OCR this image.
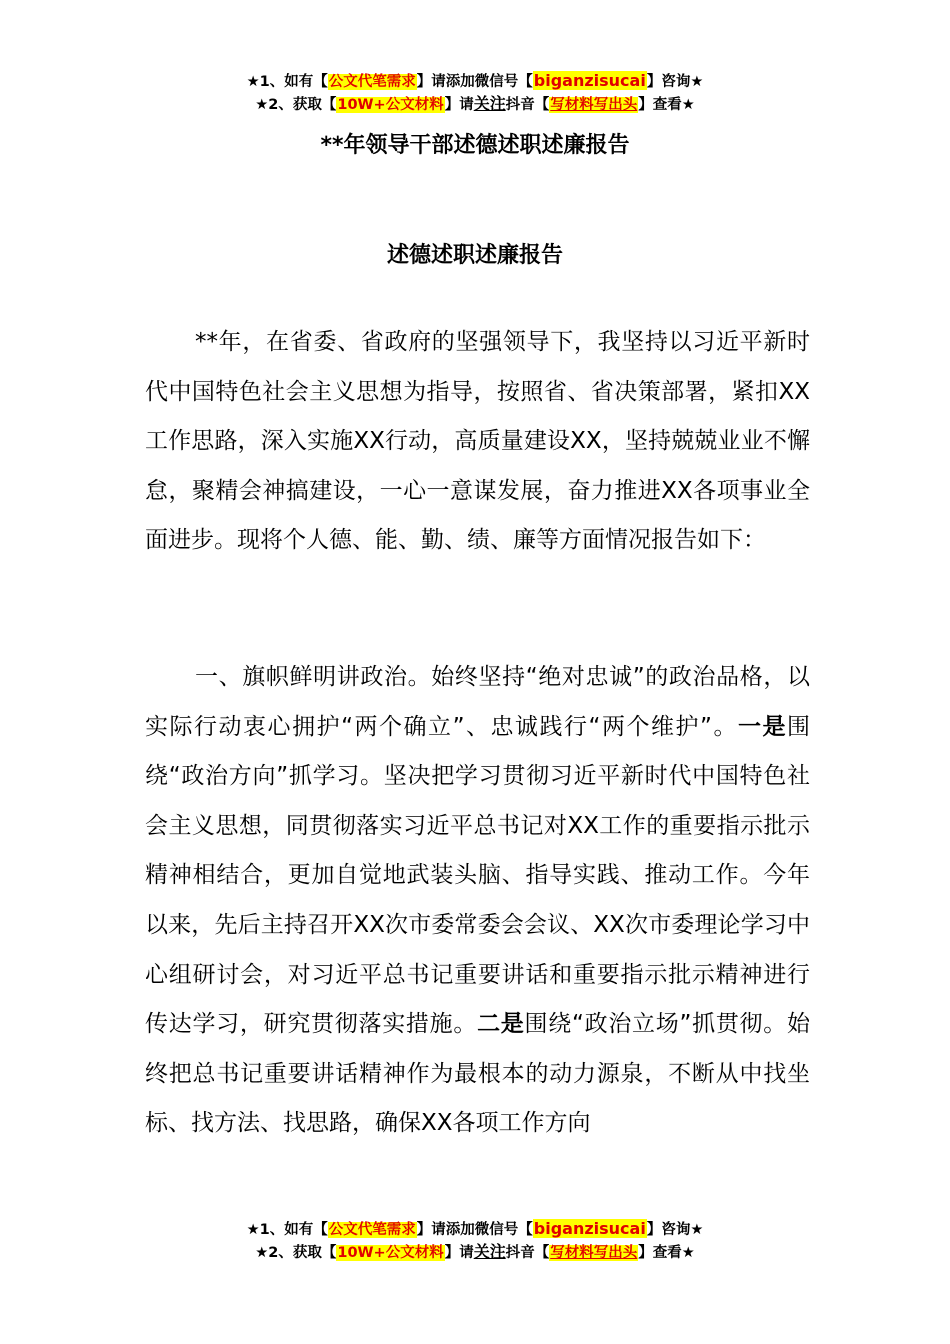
★1、如有【公文代笔需求】请添加微信号【biganzisucai】咨询★
★2、获取【10W+公文材料】请关注抖音【写材料写出头】查看★
**年领导干部述德述职述廉报告
述德述职述廉报告

**年，在省委、省政府的坚强领导下，我坚持以习近平新时代中国特色社会主义思想为指导，按照省、省决策部署，紧扣XX工作思路，深入实施XX行动，高质量建设XX，坚持兢兢业业不懈怠，聚精会神搞建设，一心一意谋发展，奋力推进XX各项事业全面进步。现将个人德、能、勤、绩、廉等方面情况报告如下：

一、旗帜鲜明讲政治。始终坚持“绝对忠诚”的政治品格，以实际行动衷心拥护“两个确立”、忠诚践行“两个维护”。一是围绕“政治方向”抓学习。坚决把学习贯彻习近平新时代中国特色社会主义思想，同贯彻落实习近平总书记对XX工作的重要指示批示精神相结合，更加自觉地武装头脑、指导实践、推动工作。今年以来，先后主持召开XX次市委常委会会议、XX次市委理论学习中心组研讨会，对习近平总书记重要讲话和重要指示批示精神进行传达学习，研究贯彻落实措施。二是围绕“政治立场”抓贯彻。始终把总书记重要讲话精神作为最根本的动力源泉，不断从中找坐标、找方法、找思路，确保XX各项工作方向

★1、如有【公文代笔需求】请添加微信号【biganzisucai】咨询★
★2、获取【10W+公文材料】请关注抖音【写材料写出头】查看★
